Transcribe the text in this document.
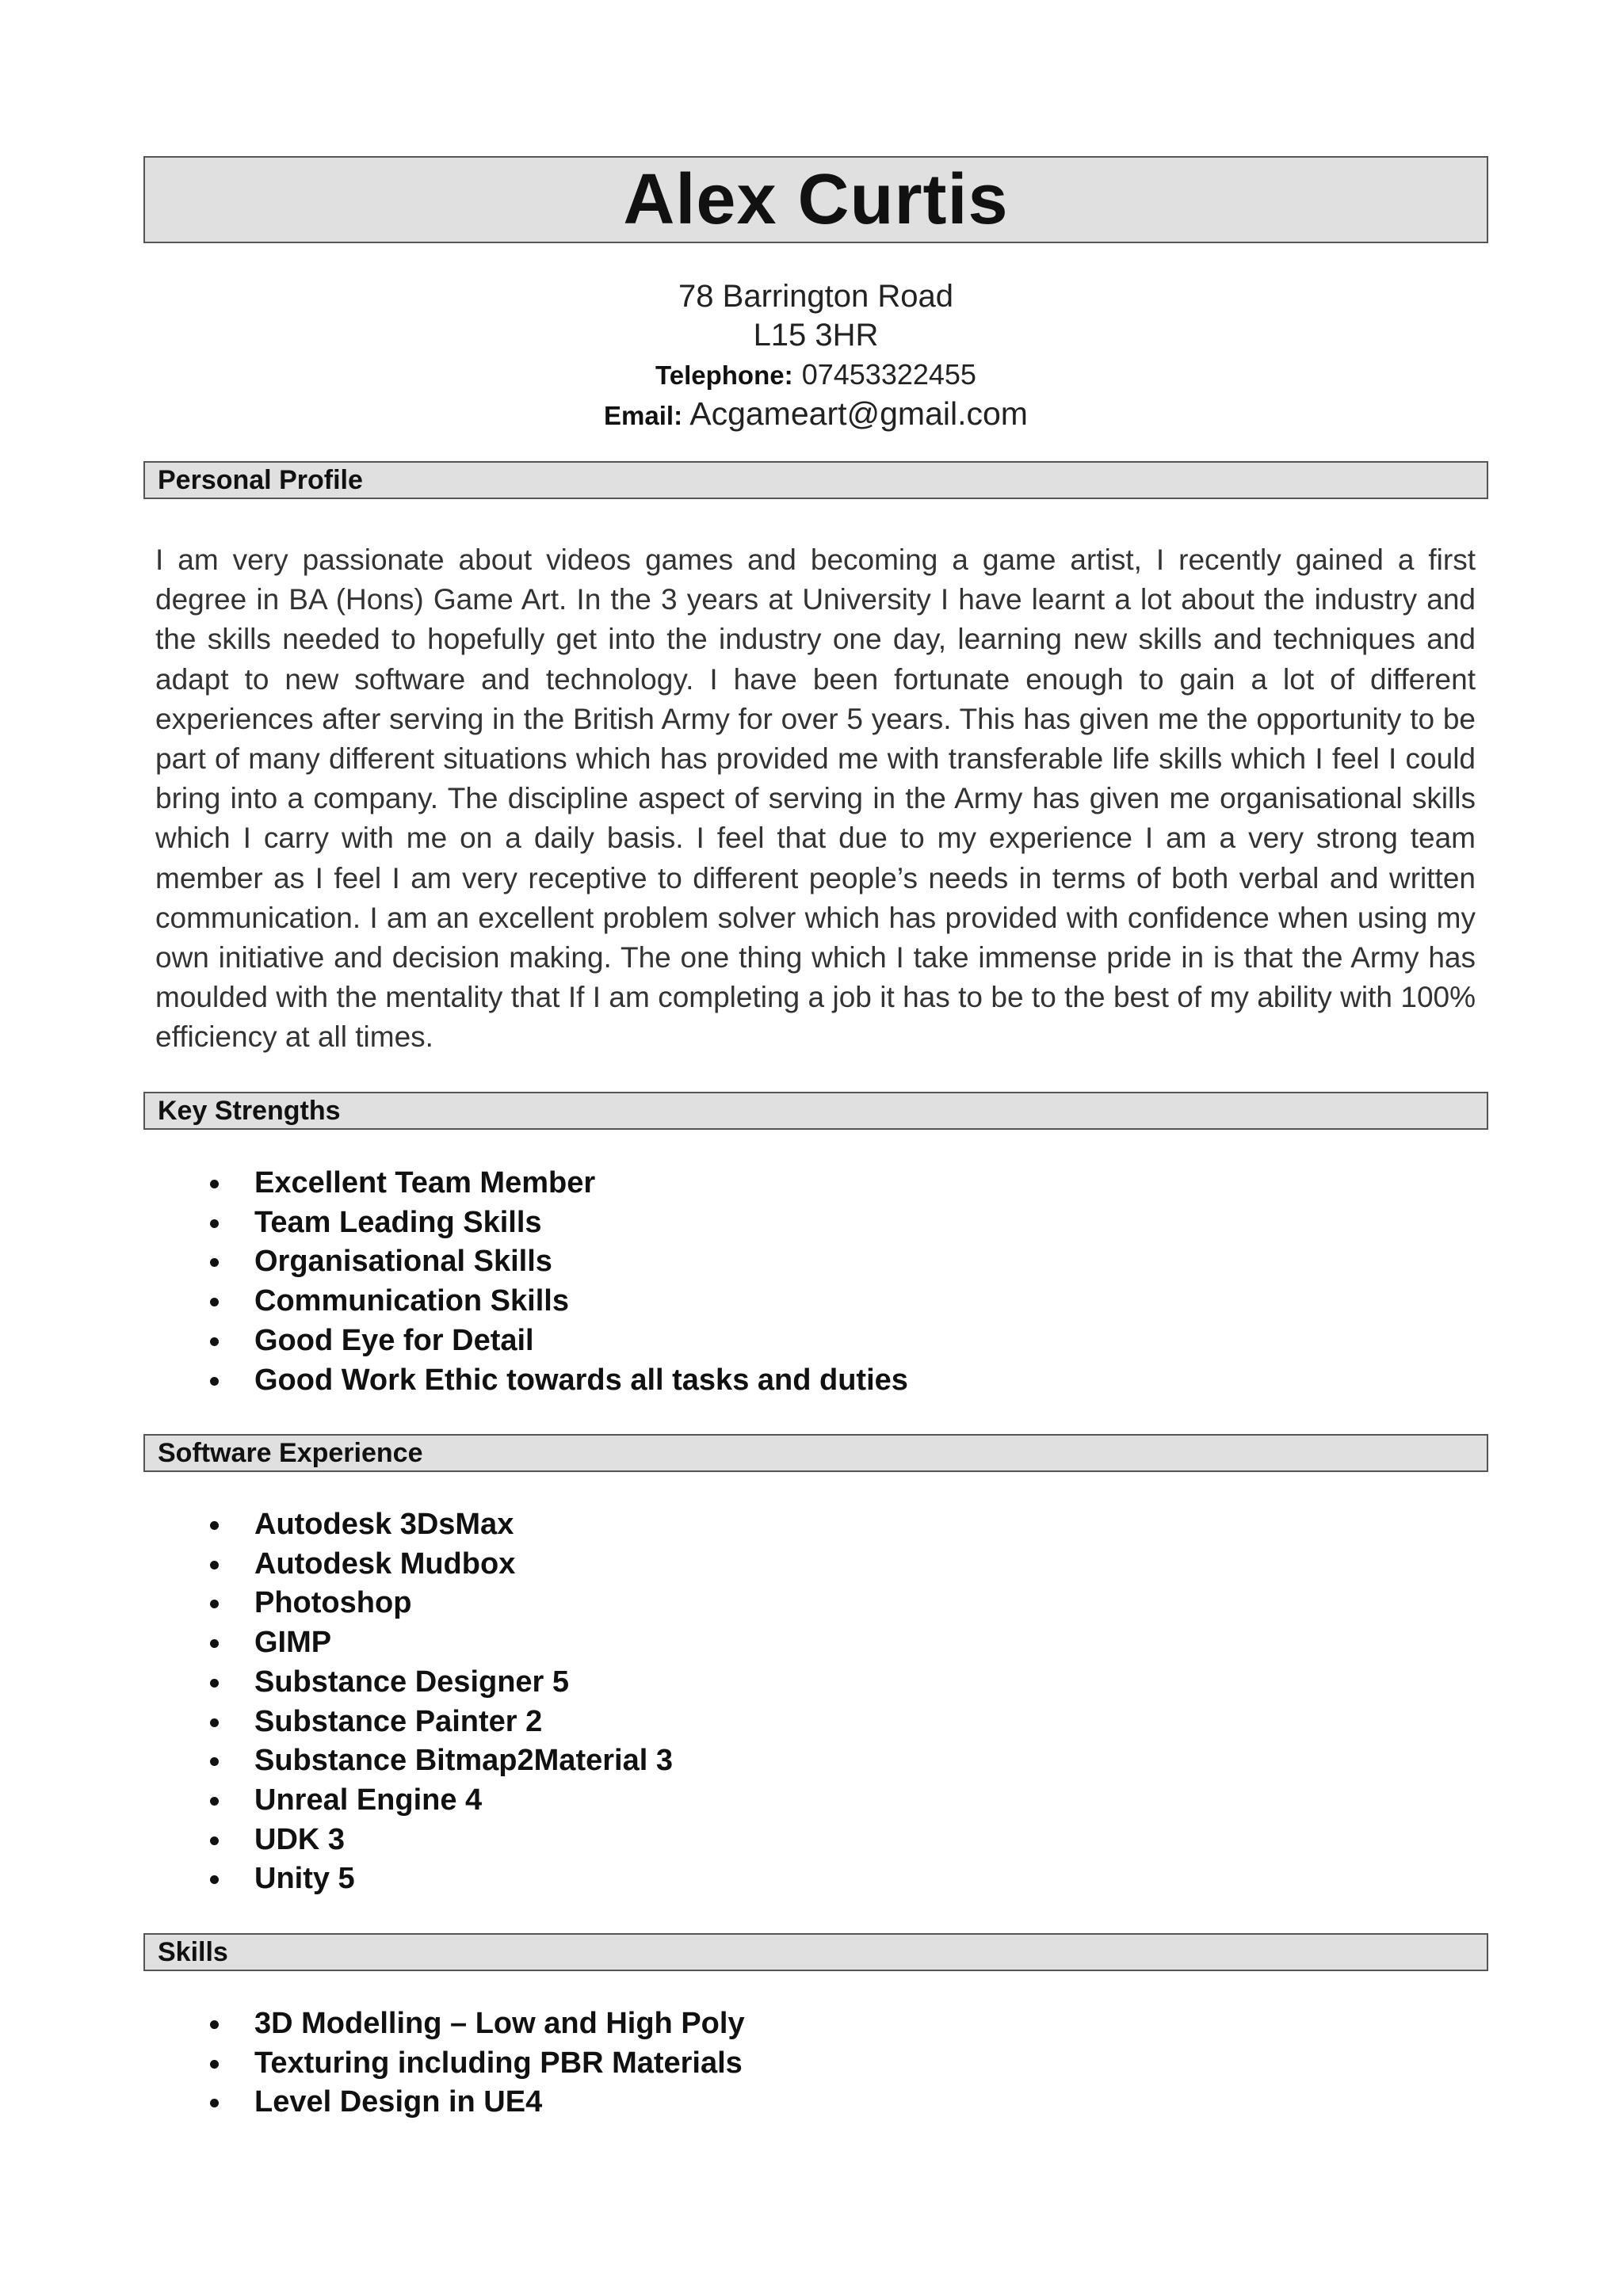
Alex Curtis
78 Barrington Road
L15 3HR
Telephone: 07453322455
Email: Acgameart@gmail.com
Personal Profile

I am very passionate about videos games and becoming a game artist, I recently gained a first degree in BA (Hons) Game Art. In the 3 years at University I have learnt a lot about the industry and the skills needed to hopefully get into the industry one day, learning new skills and techniques and adapt to new software and technology. I have been fortunate enough to gain a lot of different experiences after serving in the British Army for over 5 years. This has given me the opportunity to be part of many different situations which has provided me with transferable life skills which I feel I could bring into a company. The discipline aspect of serving in the Army has given me organisational skills which I carry with me on a daily basis. I feel that due to my experience I am a very strong team member as I feel I am very receptive to different people’s needs in terms of both verbal and written communication. I am an excellent problem solver which has provided with confidence when using my own initiative and decision making. The one thing which I take immense pride in is that the Army has moulded with the mentality that If I am completing a job it has to be to the best of my ability with 100% efficiency at all times.

Key Strengths
Excellent Team Member
Team Leading Skills
Organisational Skills
Communication Skills
Good Eye for Detail
Good Work Ethic towards all tasks and duties
Software Experience
Autodesk 3DsMax
Autodesk Mudbox
Photoshop
GIMP
Substance Designer 5
Substance Painter 2
Substance Bitmap2Material 3
Unreal Engine 4
UDK 3
Unity 5
Skills
3D Modelling – Low and High Poly
Texturing including PBR Materials
Level Design in UE4
